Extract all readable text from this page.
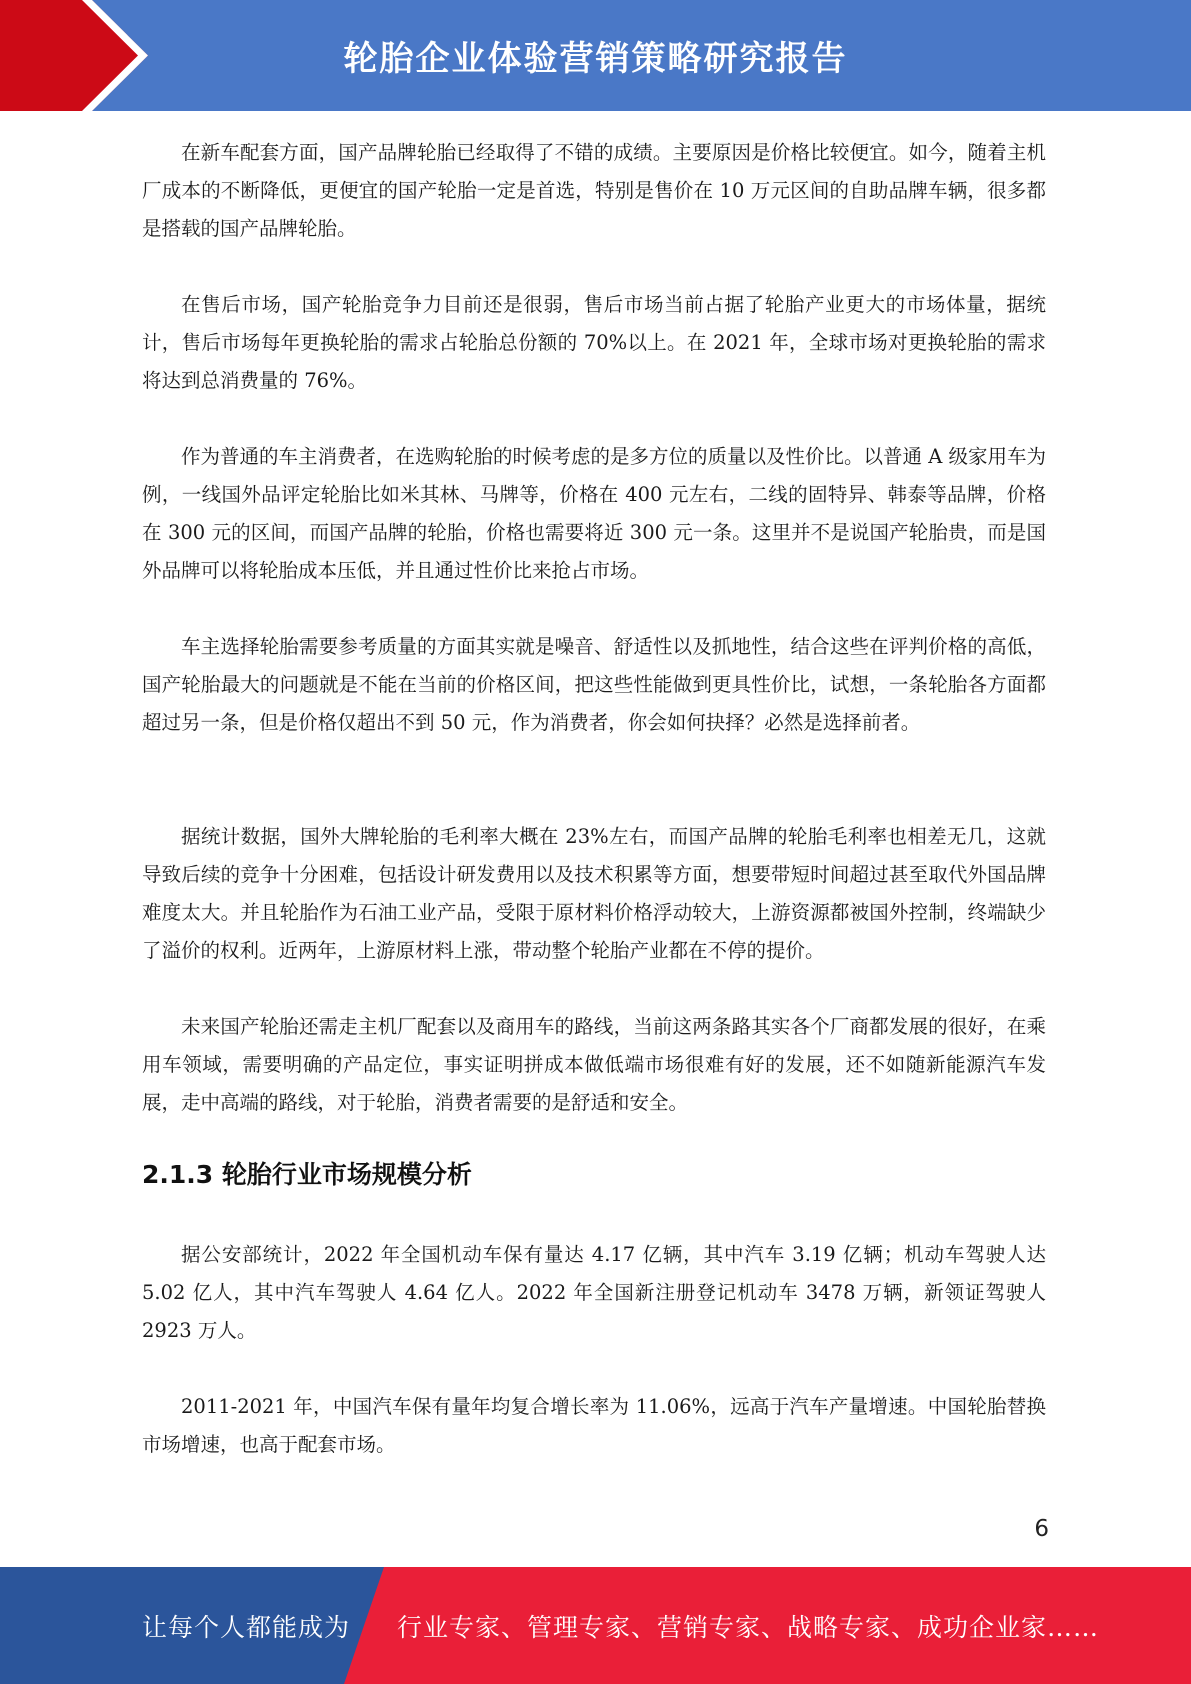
轮胎企业体验营销策略研究报告

在新车配套方面，国产品牌轮胎已经取得了不错的成绩。主要原因是价格比较便宜。如今，随着主机厂成本的不断降低，更便宜的国产轮胎一定是首选，特别是售价在 10 万元区间的自助品牌车辆，很多都是搭载的国产品牌轮胎。

在售后市场，国产轮胎竞争力目前还是很弱，售后市场当前占据了轮胎产业更大的市场体量，据统计，售后市场每年更换轮胎的需求占轮胎总份额的 70%以上。在 2021 年，全球市场对更换轮胎的需求将达到总消费量的 76%。

作为普通的车主消费者，在选购轮胎的时候考虑的是多方位的质量以及性价比。以普通 A 级家用车为例，一线国外品评定轮胎比如米其林、马牌等，价格在 400 元左右，二线的固特异、韩泰等品牌，价格在 300 元的区间，而国产品牌的轮胎，价格也需要将近 300 元一条。这里并不是说国产轮胎贵，而是国外品牌可以将轮胎成本压低，并且通过性价比来抢占市场。

车主选择轮胎需要参考质量的方面其实就是噪音、舒适性以及抓地性，结合这些在评判价格的高低，国产轮胎最大的问题就是不能在当前的价格区间，把这些性能做到更具性价比，试想，一条轮胎各方面都超过另一条，但是价格仅超出不到 50 元，作为消费者，你会如何抉择？必然是选择前者。

据统计数据，国外大牌轮胎的毛利率大概在 23%左右，而国产品牌的轮胎毛利率也相差无几，这就导致后续的竞争十分困难，包括设计研发费用以及技术积累等方面，想要带短时间超过甚至取代外国品牌难度太大。并且轮胎作为石油工业产品，受限于原材料价格浮动较大，上游资源都被国外控制，终端缺少了溢价的权利。近两年，上游原材料上涨，带动整个轮胎产业都在不停的提价。

未来国产轮胎还需走主机厂配套以及商用车的路线，当前这两条路其实各个厂商都发展的很好，在乘用车领域，需要明确的产品定位，事实证明拼成本做低端市场很难有好的发展，还不如随新能源汽车发展，走中高端的路线，对于轮胎，消费者需要的是舒适和安全。

2.1.3 轮胎行业市场规模分析

据公安部统计，2022 年全国机动车保有量达 4.17 亿辆，其中汽车 3.19 亿辆；机动车驾驶人达 5.02 亿人，其中汽车驾驶人 4.64 亿人。2022 年全国新注册登记机动车 3478 万辆，新领证驾驶人 2923 万人。

2011-2021 年，中国汽车保有量年均复合增长率为 11.06%，远高于汽车产量增速。中国轮胎替换市场增速，也高于配套市场。

6
让每个人都能成为 行业专家、管理专家、营销专家、战略专家、成功企业家……
